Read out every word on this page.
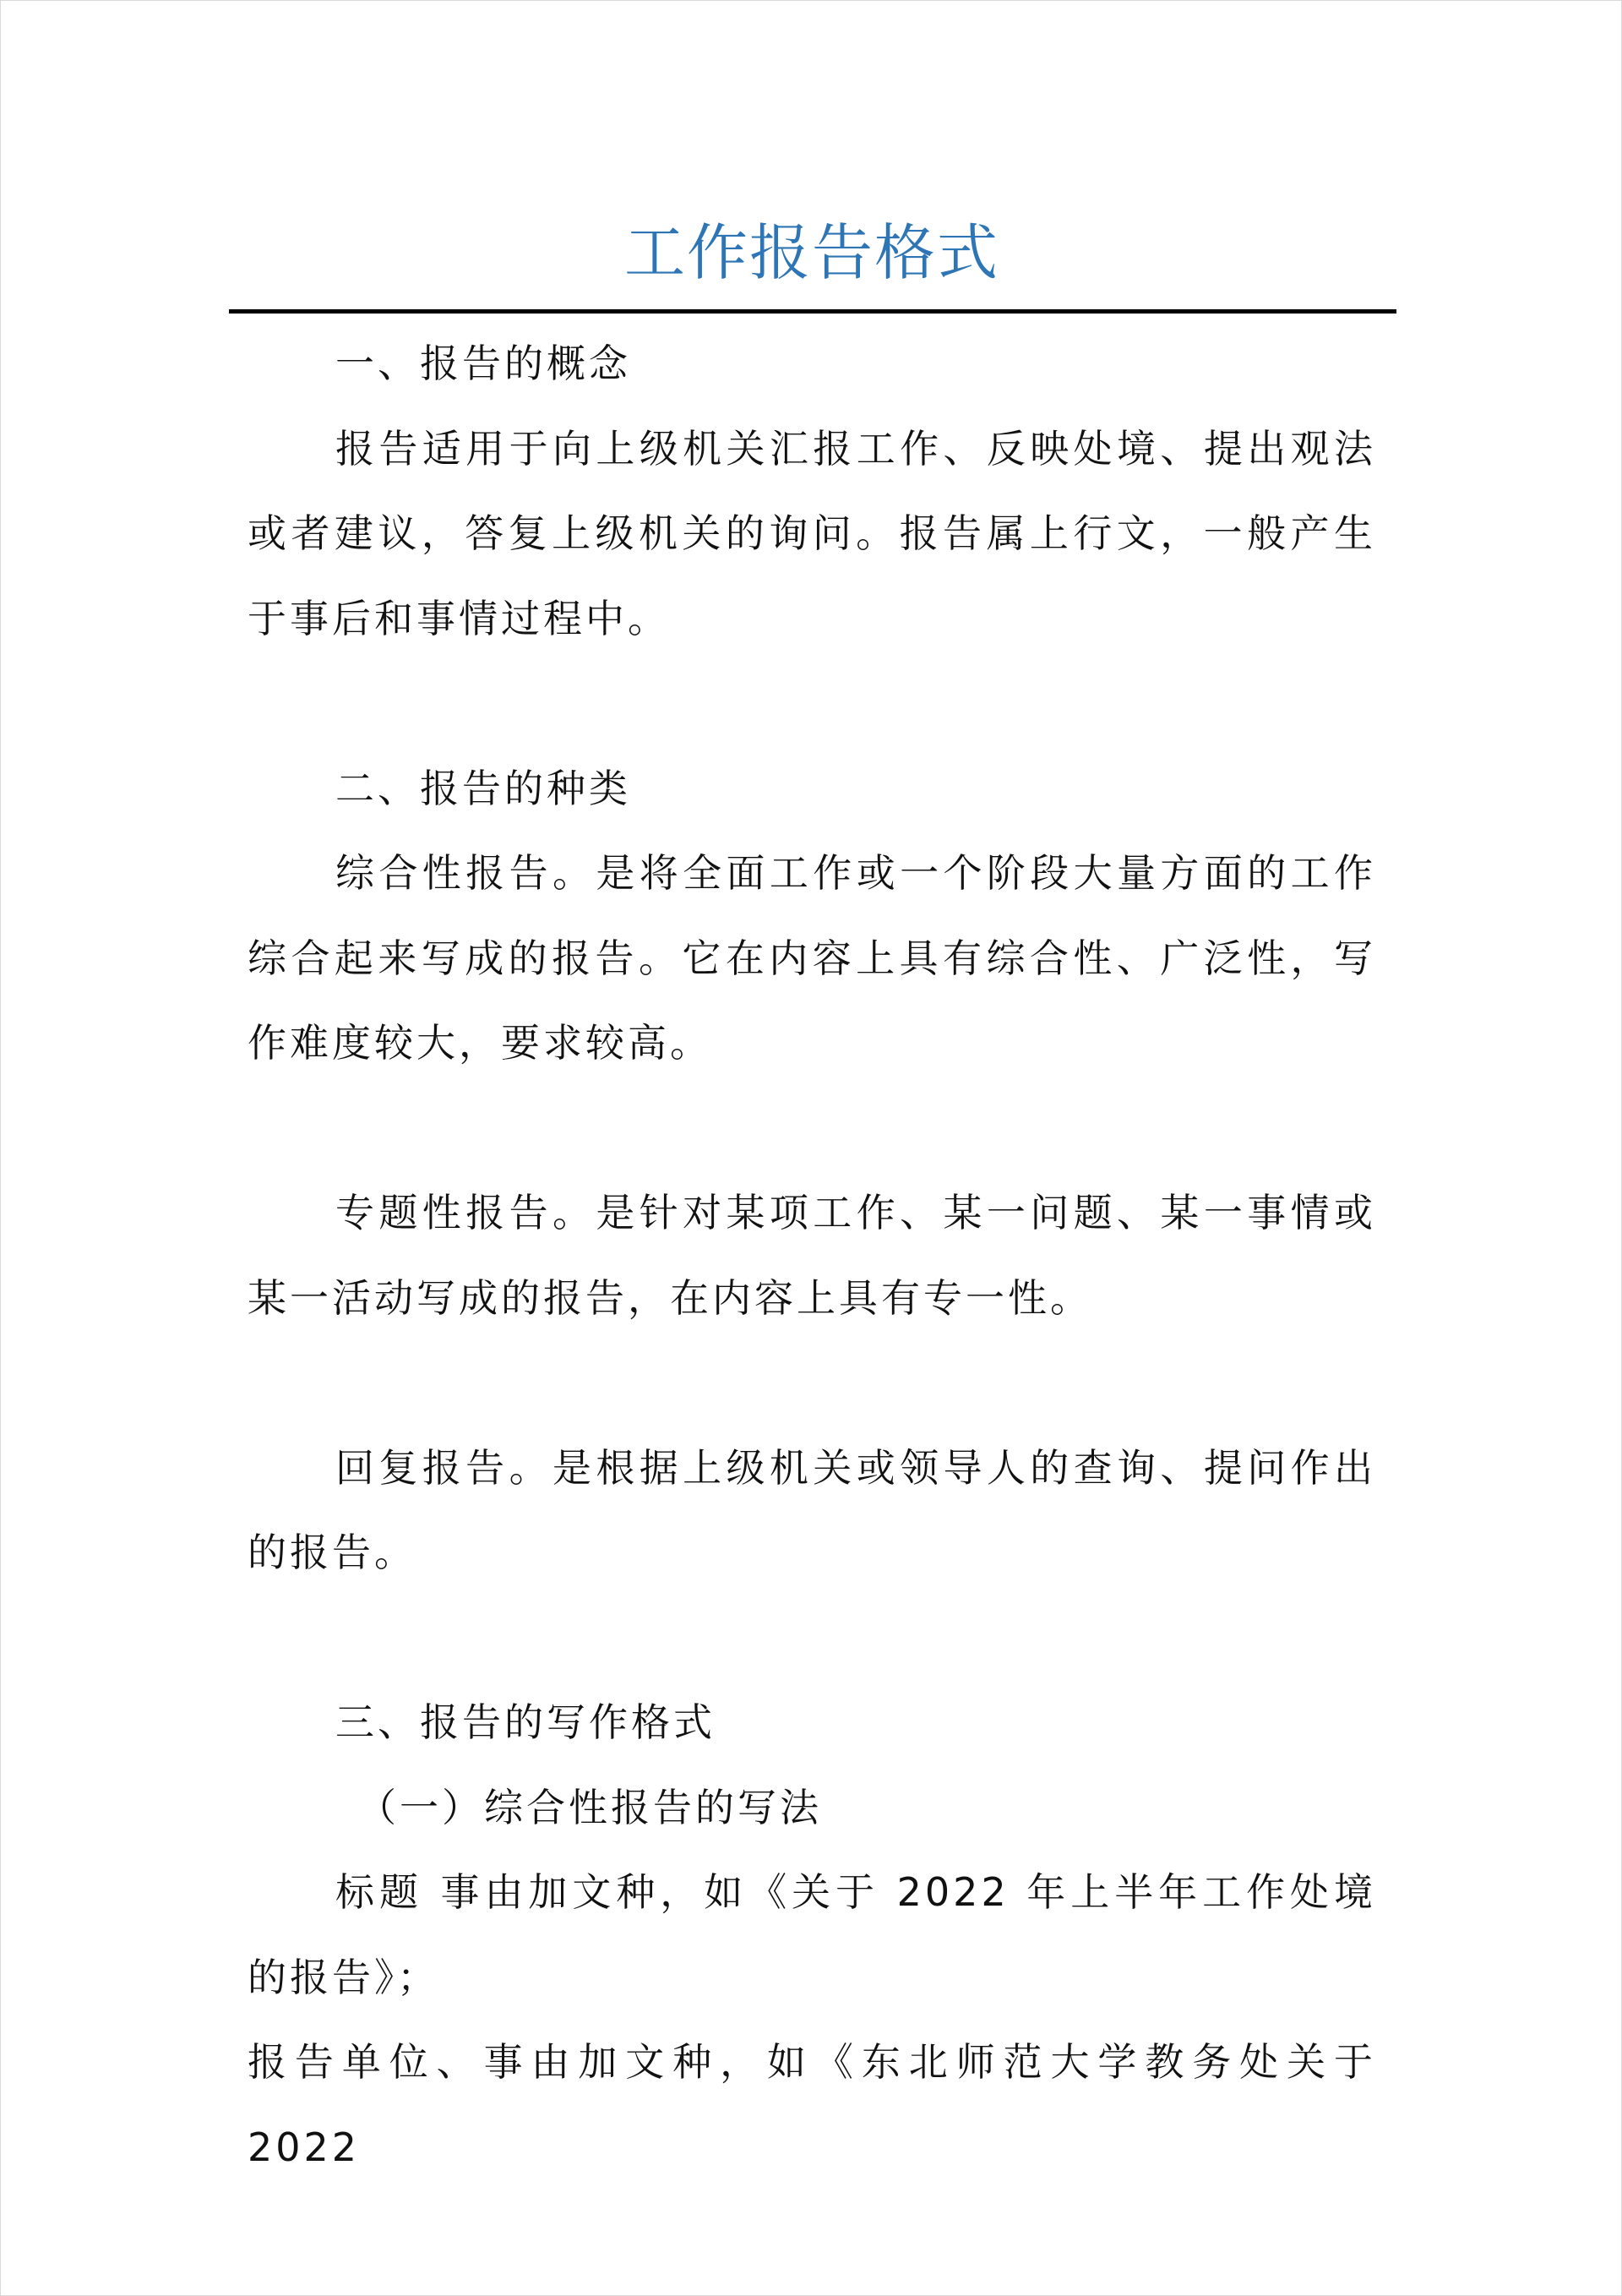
工作报告格式

一、报告的概念

报告适用于向上级机关汇报工作、反映处境、提出观法或者建议，答复上级机关的询问。报告属上行文，一般产生于事后和事情过程中。

二、报告的种类

综合性报告。是将全面工作或一个阶段大量方面的工作综合起来写成的报告。它在内容上具有综合性、广泛性，写作难度较大，要求较高。

专题性报告。是针对某项工作、某一问题、某一事情或某一活动写成的报告，在内容上具有专一性。

回复报告。是根据上级机关或领导人的查询、提问作出的报告。

三、报告的写作格式

（一）综合性报告的写法

标题 事由加文种，如《关于 2022 年上半年工作处境的报告》；

报告单位、事由加文种，如《东北师范大学教务处关于 2022
